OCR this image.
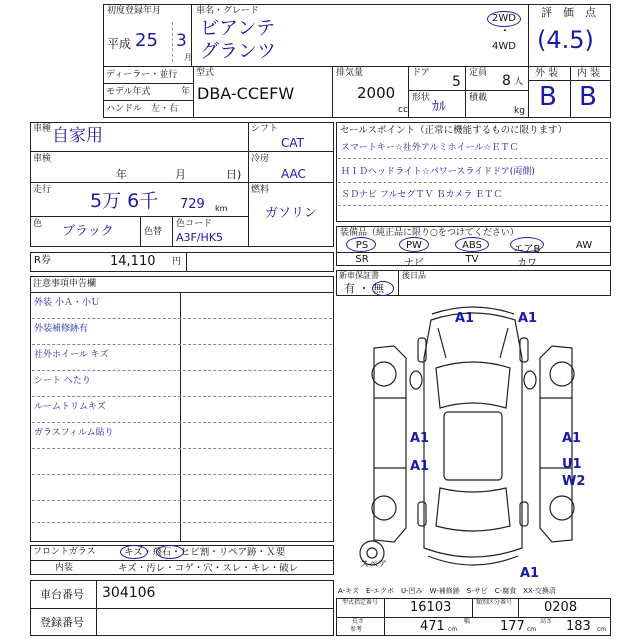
初度登録年月
平成 25 3
月
車名・グレード
ビアンテ
グランツ
2WD
・
4WD
評　価　点
(4.5)
ディーラー・並行
モデル年式	年
ハンドル　左・右
型式
DBA-CCEFW
排気量
2000
cc
ドア
5
形状
ｶﾙ
定員 8 人
積載
kg
外 装 内 装
B B
車種 自家用
車検
年	月	日)
走行 5万 6千 729 km
色 ブラック	色替
色コード
A3F/HK5
シフト
CAT
冷房
AAC
燃料
ガソリン
R券	14,110 円
セールスポイント（正常に機能するものに限ります）
スマートキー☆社外アルミホイール☆ＥＴＣ
ＨＩＤヘッドライト☆パワースライドドア(両側)
ＳＤナビ フルセグＴＶ Ｂカメラ ＥＴＣ
装備品（純正品に限り○をつけてください）
PS	PW	ABS	エアB	AW
SR	ナビ	TV	カワ
新車保証書
有 ・ 無
後日品
注意事項申告欄
外装 小Ａ・小Ｕ
外装補修跡有
社外ホイール キズ
シート へたり
ルームトリムキズ
ガラスフィルム貼り
フロントガラス	キズ・飛石・ヒビ割・リペア跡・Ｘ要
内装	キズ・汚レ・コゲ・穴・スレ・キレ・破レ
車台番号 304106
登録番号
A1	A1
A1	A1
A1	U1
W2
A1
スペア
A-キズ　E-エクボ　U-凹み　W-補修跡　S-サビ　C-腐食　XX-交換済
型式指定番号 16103	類別区分番号 0208
参考
長さ	471 cm
幅 177 cm
高さ 183 cm
